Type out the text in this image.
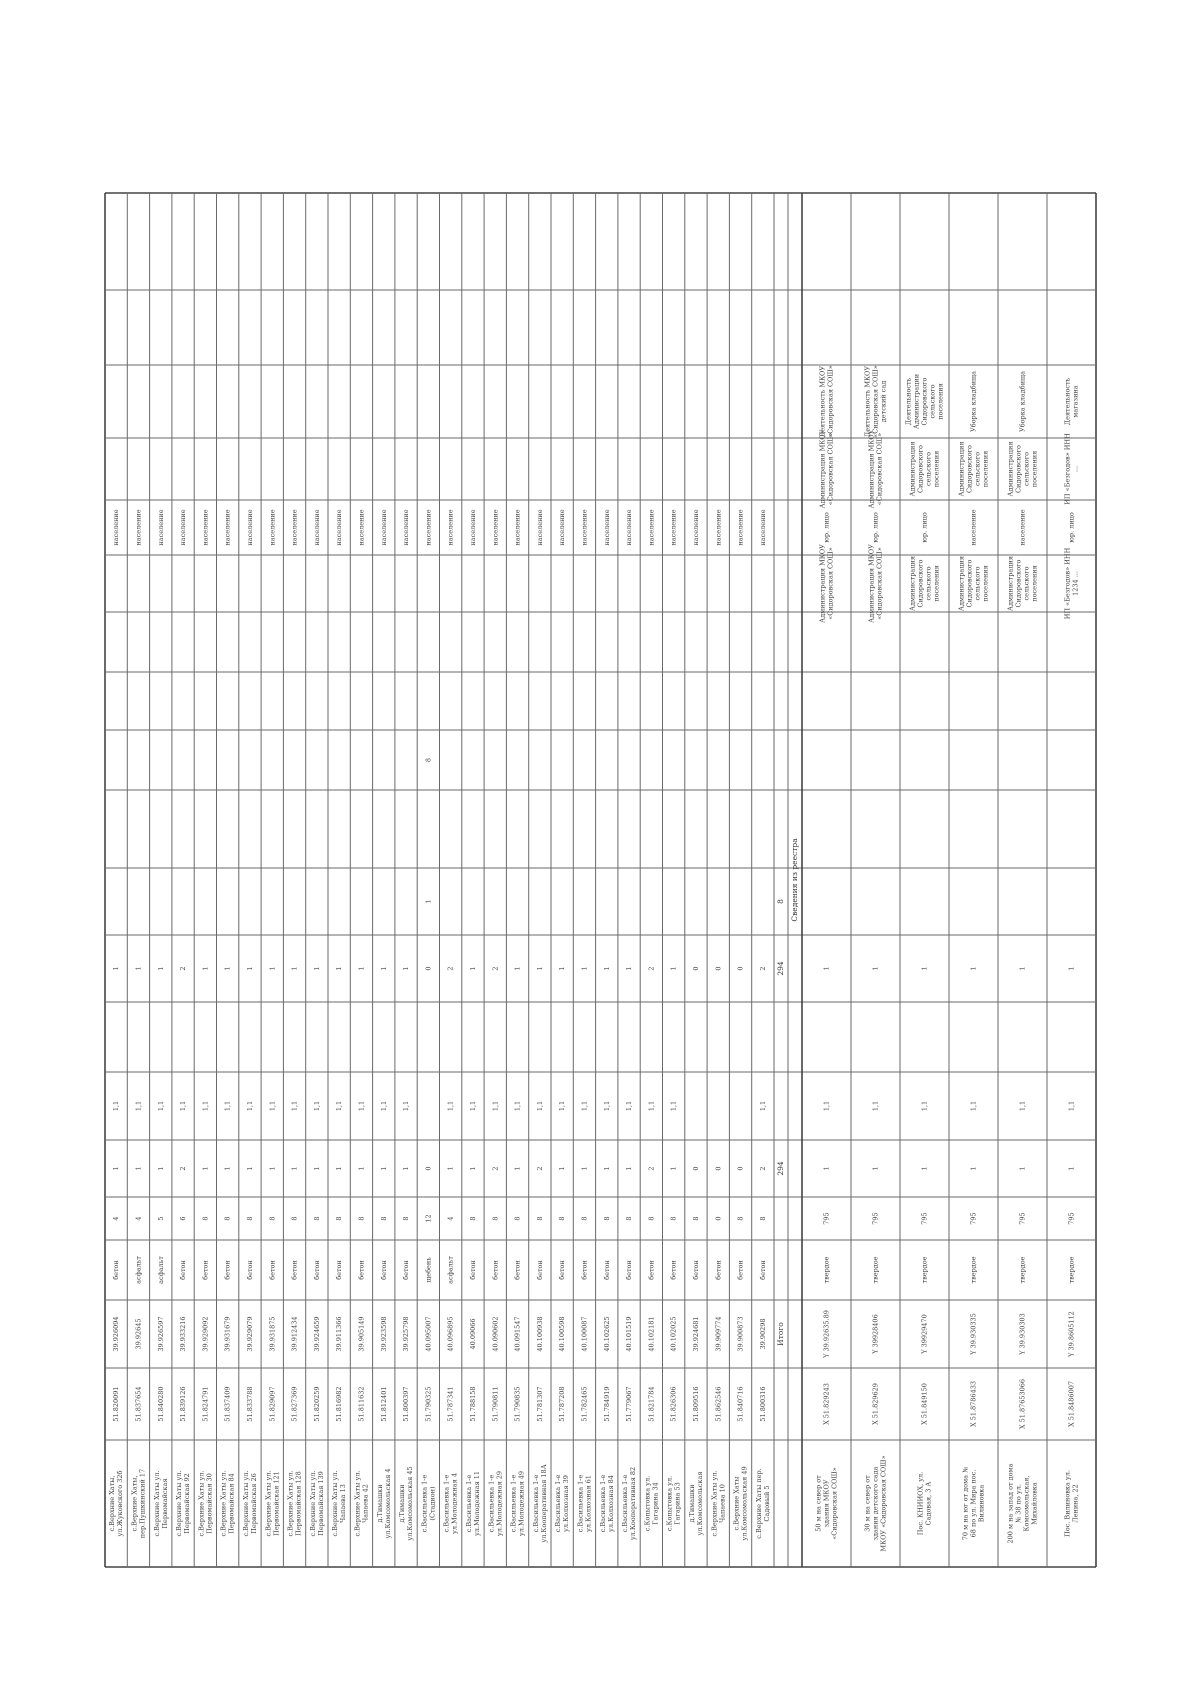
с.Верхние Хаты, ул.Жуковского 32б
51.820091
39.926094
бетон
4
1
1,1
1
население
с.Верхние Хаты, пер.Пушкинский 17
51.837654
39.92645
асфальт
4
1
1,1
1
население
с.Верхние Хаты ул. Первомайская
51.840280
39.926597
асфальт
5
1
1,1
1
население
с.Верхние Хаты ул. Первомайская 92
51.839126
39.933216
бетон
6
2
1,1
2
население
с.Верхние Хаты ул. Первомайская 30
51.824791
39.929092
бетон
8
1
1,1
1
население
с.Верхние Хаты ул. Первомайская 84
51.837409
39.931679
бетон
8
1
1,1
1
население
с.Верхние Хаты ул. Первомайская 26
51.833788
39.929079
бетон
8
1
1,1
1
население
с.Верхние Хаты ул. Первомайская 121
51.829097
39.931875
бетон
8
1
1,1
1
население
с.Верхние Хаты ул. Первомайская 128
51.827369
39.912434
бетон
8
1
1,1
1
население
с.Верхние Хаты ул. Первомайская 139
51.820259
39.924659
бетон
8
1
1,1
1
население
с.Верхние Хаты ул. Чапаева 13
51.816982
39.911366
бетон
8
1
1,1
1
население
с.Верхние Хаты ул. Чапаева 42
51.811632
39.905149
бетон
8
1
1,1
1
население
д.Тимашки ул.Комсомольская 4
51.812401
39.923598
бетон
8
1
1,1
1
население
д.Тимашки ул.Комсомольская 45
51.800397
39.925798
бетон
8
1
1,1
1
население
с.Васильевка 1-е (Стадион)
51.790325
40.095007
щебень
12
0
0
1
8
население
с.Васильевка 1-е ул.Молодежная 4
51.787341
40.096895
асфальт
4
1
1,1
2
население
с.Васильевка 1-е ул.Молодежная 11
51.788158
40.09066
бетон
8
1
1,1
1
население
с.Васильевка 1-е ул.Молодежная 29
51.790811
40.090602
бетон
8
2
1,1
2
население
с.Васильевка 1-е ул.Молодежная 49
51.790835
40.091547
бетон
8
1
1,1
1
население
с.Васильевка 1-е ул.Кооперативная 18А
51.781307
40.100938
бетон
8
2
1,1
1
население
с.Васильевка 1-е ул.Колхозная 39
51.787208
40.100598
бетон
8
1
1,1
1
население
с.Васильевка 1-е ул.Колхозная 61
51.782465
40.100087
бетон
8
1
1,1
1
население
с.Васильевка 1-е ул.Колхозная 84
51.784919
40.102625
бетон
8
1
1,1
1
население
с.Васильевка 1-е ул.Кооперативная 82
51.779067
40.101519
бетон
8
1
1,1
1
население
с.Копытовка ул. Гагарина 34
51.821784
40.102181
бетон
8
2
1,1
2
население
с.Копытовка ул. Гагарина 53
51.826306
40.102025
бетон
8
1
1,1
1
население
д.Тимашки ул.Комсомольская
51.809516
39.924681
бетон
8
0
0
население
с.Верхние Хаты ул. Чапаева 10
51.862546
39.909774
бетон
0
0
0
население
с.Верхние Хаты ул.Комсомольская 49
51.840716
39.900873
бетон
8
0
0
население
с.Верхние Хаты пер. Садовый 5
51.800316
39.90298
бетон
8
2
1,1
2
население
Итого
294
294
8 Сведения из реестра
50 м на север от здания МКОУ «Сидоровская СОШ»
X 51.829243
Y 39.92635.89
твердое
795
1
1,1
1
Администрация МКОУ «Сидоровская СОШ»
юр. лицо
Администрация МКОУ «Сидоровская СОШ»
Деятельность МКОУ «Сидоровская СОШ»
30 м на север от здания детского сада МКОУ «Сидоровская СОШ»
X 51.829629
Y 39928406
твердое
795
1
1,1
1
Администрация МКОУ «Сидоровская СОШ»
юр. лицо
Администрация МКОУ «Сидоровская СОШ»
Деятельность МКОУ «Сидоровская СОШ» детский сад
Пос. КНИИОХ, ул. Садовая, 3 А
X 51.849150
Y 39929470
твердое
795
1
1,1
1
Администрация Сидоровского сельского поселения
юр. лицо
Администрация Сидоровского сельского поселения
Деятельность Администрации Сидоровского сельского поселения
70 м на юг от дома № 68 по ул. Мира пос. Вилиновка
X 51.8786433
Y 39.930335
твердое
795
1
1,1
1
Администрация Сидоровского сельского поселения
население
Администрация Сидоровского сельского поселения
Уборка кладбища
200 м на запад от дома № 38 по ул. Комсомольская, Михайловка
X 51.87653066
Y 39.930303
твердое
795
1
1,1
1
Администрация Сидоровского сельского поселения
население
Администрация Сидоровского сельского поселения
Уборка кладбища
Пос. Вилиновка ул. Ленина, 22
X 51.8486007
Y 39.8605112
твердое
795
1
1,1
1
ИП «Безгодов» ИНН 1234 ...
юр. лицо
ИП «Безгодов» ИНН ...
Деятельность магазина
